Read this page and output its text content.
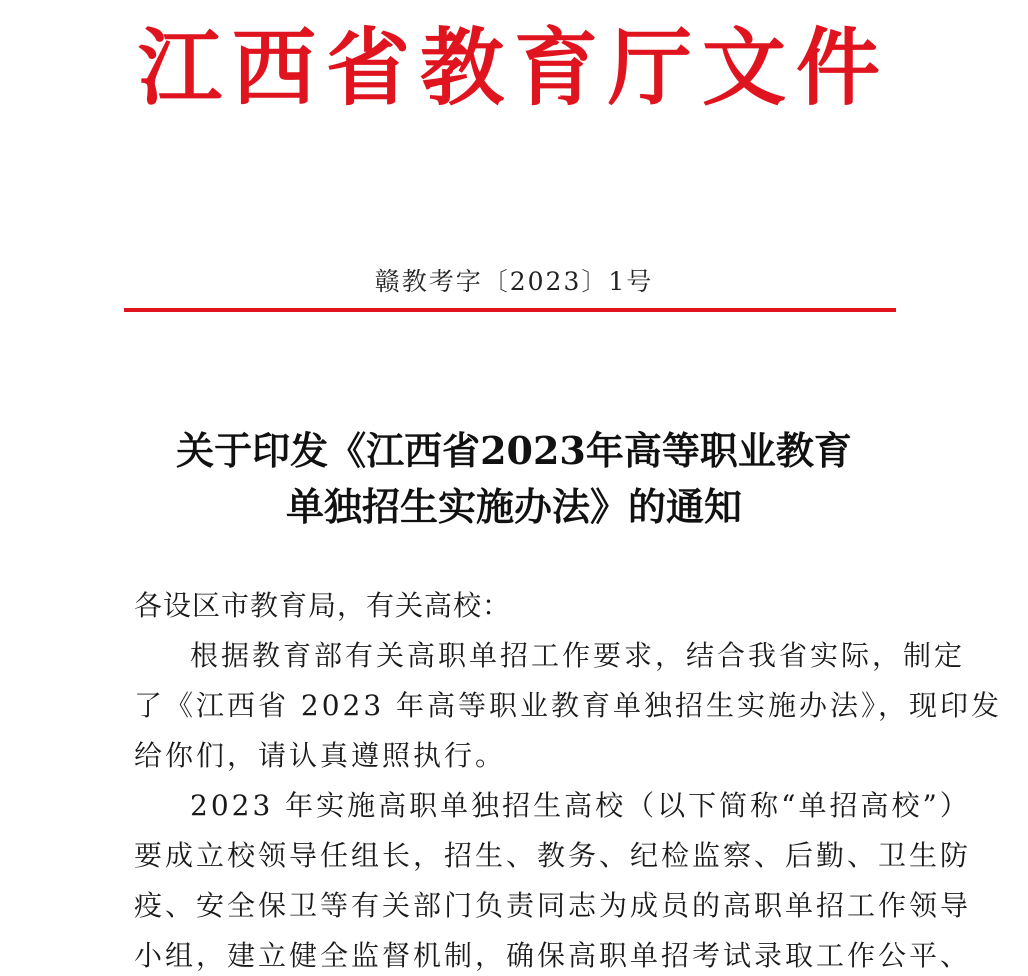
江西省教育厅文件
赣教考字〔2023〕1号
关于印发《江西省2023年高等职业教育
单独招生实施办法》的通知
各设区市教育局，有关高校：
根据教育部有关高职单招工作要求，结合我省实际，制定
了《江西省 2023 年高等职业教育单独招生实施办法》，现印发
给你们，请认真遵照执行。
2023 年实施高职单独招生高校（以下简称“单招高校”）
要成立校领导任组长，招生、教务、纪检监察、后勤、卫生防
疫、安全保卫等有关部门负责同志为成员的高职单招工作领导
小组，建立健全监督机制，确保高职单招考试录取工作公平、
